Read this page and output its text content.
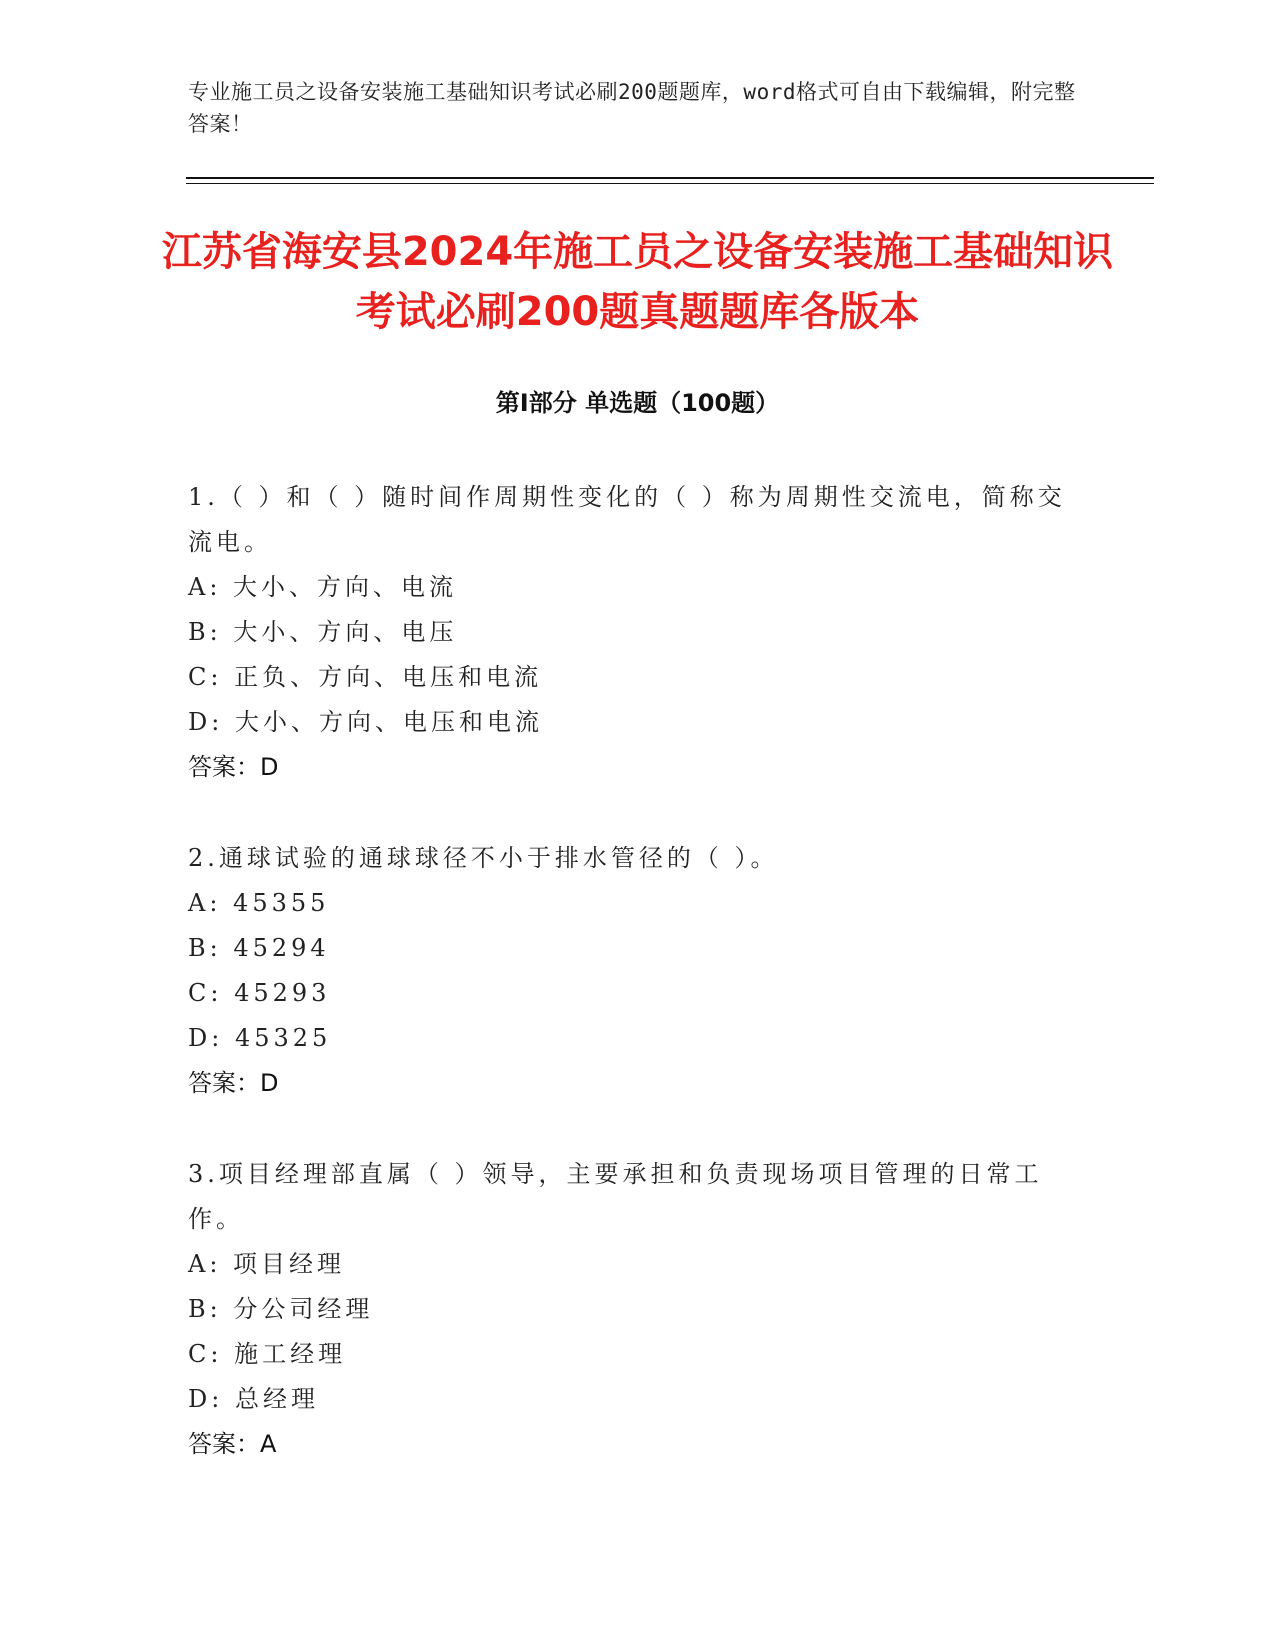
专业施工员之设备安装施工基础知识考试必刷200题题库，word格式可自由下载编辑，附完整答案！
江苏省海安县2024年施工员之设备安装施工基础知识考试必刷200题真题题库各版本
第Ⅰ部分 单选题（100题）
1.（ ）和（ ）随时间作周期性变化的（ ）称为周期性交流电，简称交流电。
A: 大小、方向、电流
B: 大小、方向、电压
C: 正负、方向、电压和电流
D: 大小、方向、电压和电流
答案：D
2.通球试验的通球球径不小于排水管径的（ ）。
A: 45355
B: 45294
C: 45293
D: 45325
答案：D
3.项目经理部直属（ ）领导，主要承担和负责现场项目管理的日常工作。
A: 项目经理
B: 分公司经理
C: 施工经理
D: 总经理
答案：A
